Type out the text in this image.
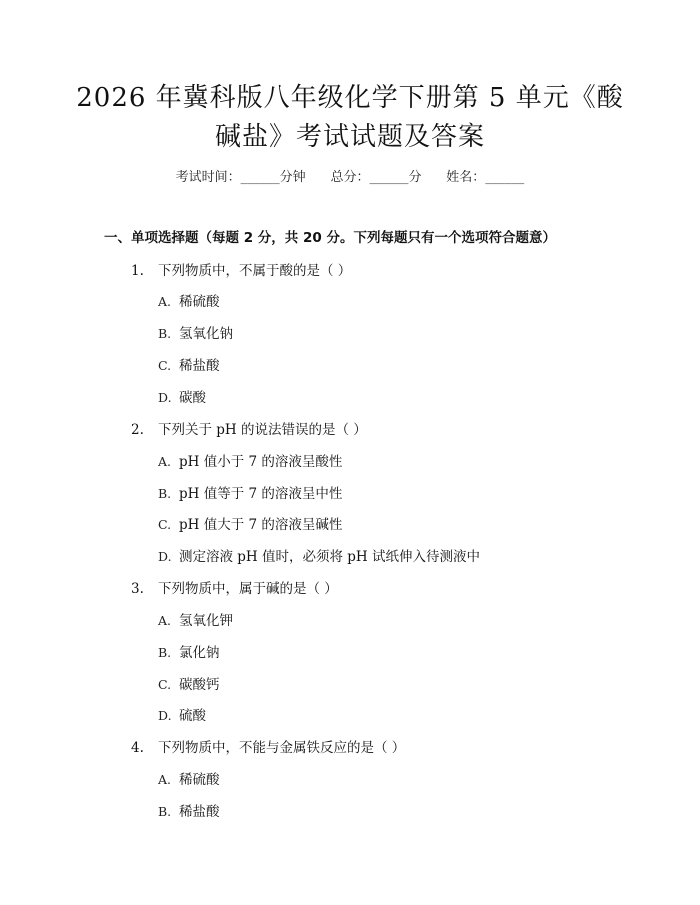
2026 年冀科版八年级化学下册第 5 单元《酸
碱盐》考试试题及答案
考试时间：______分钟 总分：______分 姓名：______
一、单项选择题（每题 2 分，共 20 分。下列每题只有一个选项符合题意）
1. 下列物质中，不属于酸的是（ ）
A. 稀硫酸
B. 氢氧化钠
C. 稀盐酸
D. 碳酸
2. 下列关于 pH 的说法错误的是（ ）
A. pH 值小于 7 的溶液呈酸性
B. pH 值等于 7 的溶液呈中性
C. pH 值大于 7 的溶液呈碱性
D. 测定溶液 pH 值时，必须将 pH 试纸伸入待测液中
3. 下列物质中，属于碱的是（ ）
A. 氢氧化钾
B. 氯化钠
C. 碳酸钙
D. 硫酸
4. 下列物质中，不能与金属铁反应的是（ ）
A. 稀硫酸
B. 稀盐酸
